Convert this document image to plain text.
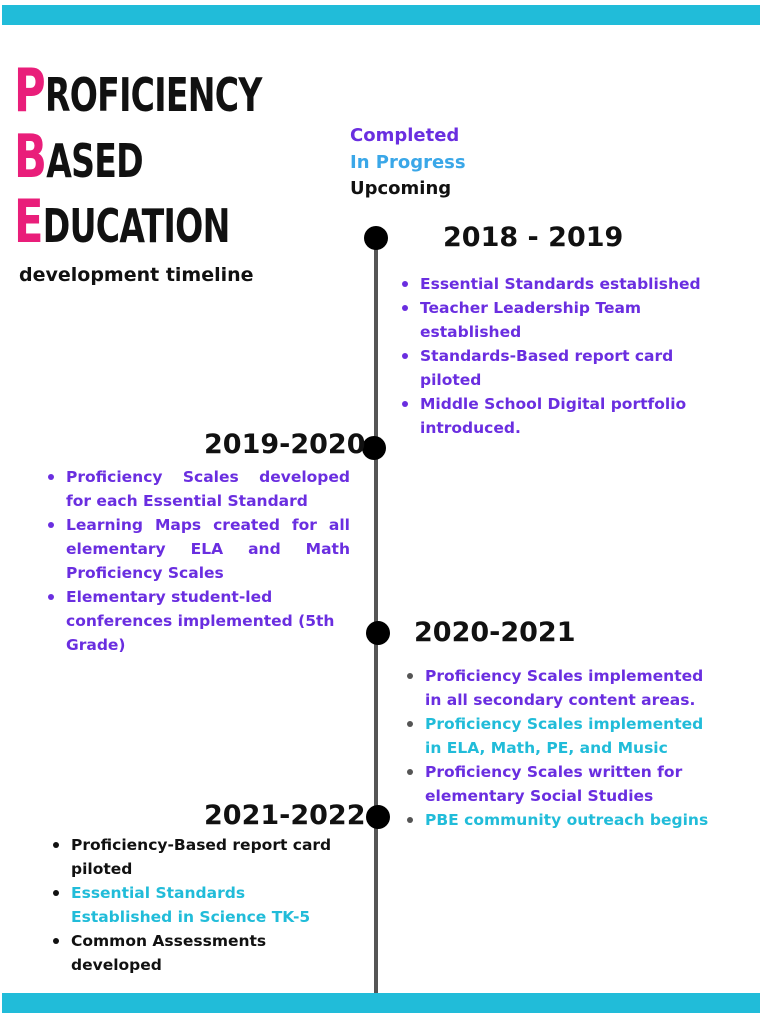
PROFICIENCY
BASED
EDUCATION
development timeline
Completed
In Progress
Upcoming
2018 - 2019
Essential Standards established
Teacher Leadership Team established
Standards-Based report card piloted
Middle School Digital portfolio introduced.
2019-2020
Proficiency Scales developed for each Essential Standard
Learning Maps created for all elementary ELA and Math Proficiency Scales
Elementary student-led conferences implemented (5th Grade)	2020-2021
Proficiency Scales implemented in all secondary content areas.
Proficiency Scales implemented in ELA, Math, PE, and Music
Proficiency Scales written for elementary Social Studies
PBE community outreach begins
2021-2022
Proficiency-Based report card piloted
Essential Standards Established in Science TK-5
Common Assessments developed
